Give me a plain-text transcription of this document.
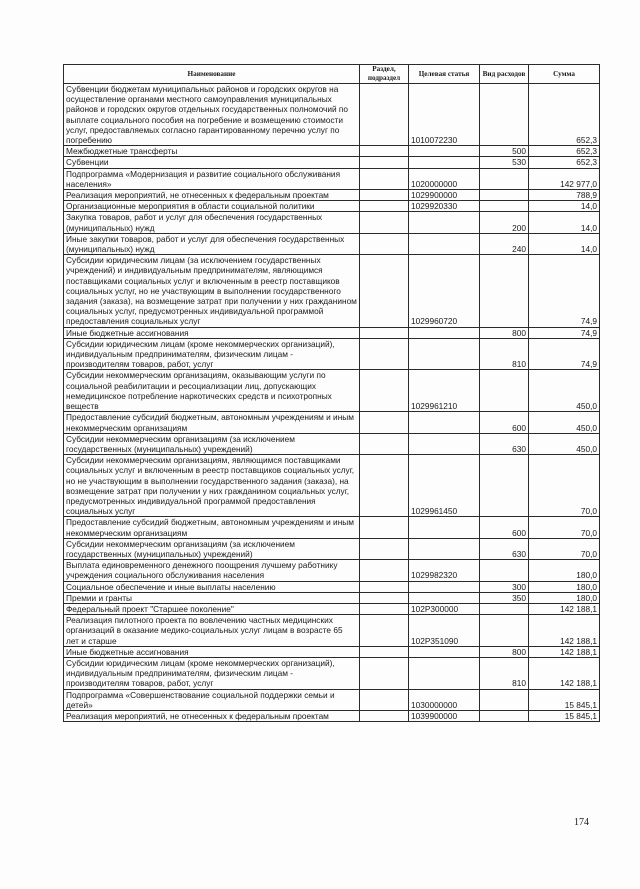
Наименование	Раздел, подраздел	Целевая статья	Вид расходов	Сумма
Субвенции бюджетам муниципальных районов и городских округов на осуществление органами местного самоуправления муниципальных районов и городских округов отдельных государственных полномочий по выплате социального пособия на погребение и возмещению стоимости услуг, предоставляемых согласно гарантированному перечню услуг по погребению		1010072230		652,3
Межбюджетные трансферты			500	652,3
Субвенции			530	652,3
Подпрограмма «Модернизация и развитие социального обслуживания населения»		1020000000		142 977,0
Реализация мероприятий, не отнесенных к федеральным проектам		1029900000		788,9
Организационные мероприятия в области социальной политики		1029920330		14,0
Закупка товаров, работ и услуг для обеспечения государственных (муниципальных) нужд			200	14,0
Иные закупки товаров, работ и услуг для обеспечения государственных (муниципальных) нужд			240	14,0
Субсидии юридическим лицам (за исключением государственных учреждений) и индивидуальным предпринимателям, являющимся поставщиками социальных услуг и включенным в реестр поставщиков социальных услуг, но не участвующим в выполнении государственного задания (заказа), на возмещение затрат при получении у них гражданином социальных услуг, предусмотренных индивидуальной программой предоставления социальных услуг		1029960720		74,9
Иные бюджетные ассигнования			800	74,9
Субсидии юридическим лицам (кроме некоммерческих организаций), индивидуальным предпринимателям, физическим лицам - производителям товаров, работ, услуг			810	74,9
Субсидии некоммерческим организациям, оказывающим услуги по социальной реабилитации и ресоциализации лиц, допускающих немедицинское потребление наркотических средств и психотропных веществ		1029961210		450,0
Предоставление субсидий бюджетным, автономным учреждениям и иным некоммерческим организациям			600	450,0
Субсидии некоммерческим организациям (за исключением государственных (муниципальных) учреждений)			630	450,0
Субсидии некоммерческим организациям, являющимся поставщиками социальных услуг и включенным в реестр поставщиков социальных услуг, но не участвующим в выполнении государственного задания (заказа), на возмещение затрат при получении у них гражданином социальных услуг, предусмотренных индивидуальной программой предоставления социальных услуг		1029961450		70,0
Предоставление субсидий бюджетным, автономным учреждениям и иным некоммерческим организациям			600	70,0
Субсидии некоммерческим организациям (за исключением государственных (муниципальных) учреждений)			630	70,0
Выплата единовременного денежного поощрения лучшему работнику учреждения социального обслуживания населения		1029982320		180,0
Социальное обеспечение и иные выплаты населению			300	180,0
Премии и гранты			350	180,0
Федеральный проект "Старшее поколение"		102P300000		142 188,1
Реализация пилотного проекта по вовлечению частных медицинских организаций в оказание медико-социальных услуг лицам в возрасте 65 лет и старше		102P351090		142 188,1
Иные бюджетные ассигнования			800	142 188,1
Субсидии юридическим лицам (кроме некоммерческих организаций), индивидуальным предпринимателям, физическим лицам - производителям товаров, работ, услуг			810	142 188,1
Подпрограмма «Совершенствование социальной поддержки семьи и детей»		1030000000		15 845,1
Реализация мероприятий, не отнесенных к федеральным проектам		1039900000		15 845,1
174
